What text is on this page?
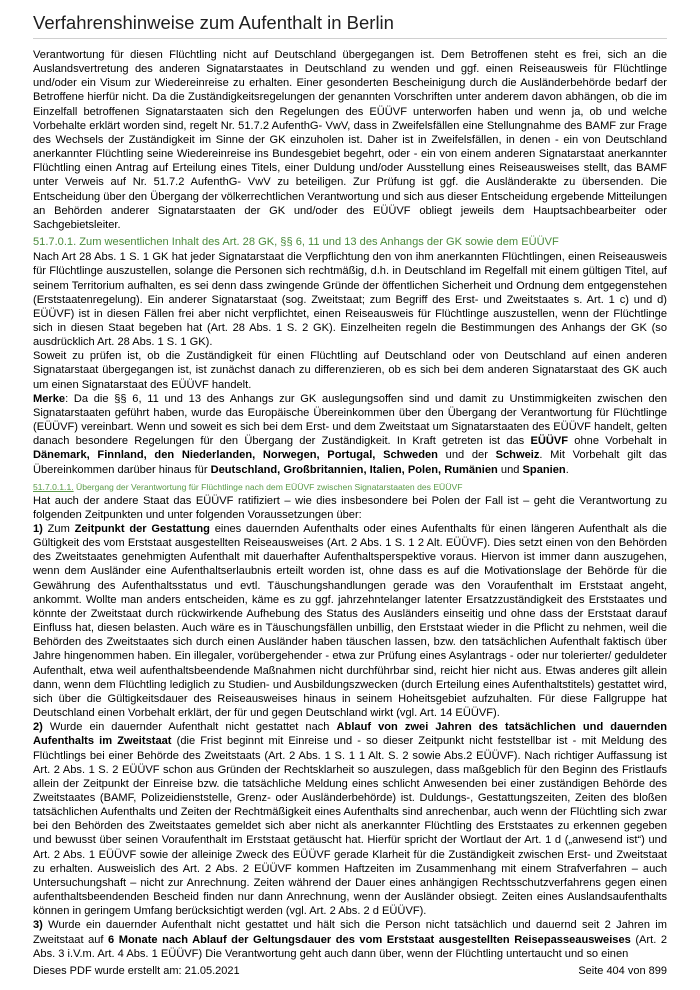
Verfahrenshinweise zum Aufenthalt in Berlin

Verantwortung für diesen Flüchtling nicht auf Deutschland übergegangen ist. Dem Betroffenen steht es frei, sich an die Auslandsvertretung des anderen Signatarstaates in Deutschland zu wenden und ggf. einen Reiseausweis für Flüchtlinge und/oder ein Visum zur Wiedereinreise zu erhalten. Einer gesonderten Bescheinigung durch die Ausländerbehörde bedarf der Betroffene hierfür nicht. Da die Zuständigkeitsregelungen der genannten Vorschriften unter anderem davon abhängen, ob die im Einzelfall betroffenen Signatarstaaten sich den Regelungen des EÜÜVF unterworfen haben und wenn ja, ob und welche Vorbehalte erklärt worden sind, regelt Nr. 51.7.2 AufenthG- VwV, dass in Zweifelsfällen eine Stellungnahme des BAMF zur Frage des Wechsels der Zuständigkeit im Sinne der GK einzuholen ist. Daher ist in Zweifelsfällen, in denen - ein von Deutschland anerkannter Flüchtling seine Wiedereinreise ins Bundesgebiet begehrt, oder - ein von einem anderen Signatarstaat anerkannter Flüchtling einen Antrag auf Erteilung eines Titels, einer Duldung und/oder Ausstellung eines Reiseausweises stellt, das BAMF unter Verweis auf Nr. 51.7.2 AufenthG- VwV zu beteiligen. Zur Prüfung ist ggf. die Ausländerakte zu übersenden. Die Entscheidung über den Übergang der völkerrechtlichen Verantwortung und sich aus dieser Entscheidung ergebende Mitteilungen an Behörden anderer Signatarstaaten der GK und/oder des EÜÜVF obliegt jeweils dem Hauptsachbearbeiter oder Sachgebietsleiter.

51.7.0.1. Zum wesentlichen Inhalt des Art. 28 GK, §§ 6, 11 und 13 des Anhangs der GK sowie dem EÜÜVF

Nach Art 28 Abs. 1 S. 1 GK hat jeder Signatarstaat die Verpflichtung den von ihm anerkannten Flüchtlingen, einen Reiseausweis für Flüchtlinge auszustellen, solange die Personen sich rechtmäßig, d.h. in Deutschland im Regelfall mit einem gültigen Titel, auf seinem Territorium aufhalten, es sei denn dass zwingende Gründe der öffentlichen Sicherheit und Ordnung dem entgegenstehen (Erststaatenregelung). Ein anderer Signatarstaat (sog. Zweitstaat; zum Begriff des Erst- und Zweitstaates s. Art. 1 c) und d) EÜÜVF) ist in diesen Fällen frei aber nicht verpflichtet, einen Reiseausweis für Flüchtlinge auszustellen, wenn der Flüchtlinge sich in diesen Staat begeben hat (Art. 28 Abs. 1 S. 2 GK). Einzelheiten regeln die Bestimmungen des Anhangs der GK (so ausdrücklich Art. 28 Abs. 1 S. 1 GK).

Soweit zu prüfen ist, ob die Zuständigkeit für einen Flüchtling auf Deutschland oder von Deutschland auf einen anderen Signatarstaat übergegangen ist, ist zunächst danach zu differenzieren, ob es sich bei dem anderen Signatarstaat des GK auch um einen Signatarstaat des EÜÜVF handelt.

Merke: Da die §§ 6, 11 und 13 des Anhangs zur GK auslegungsoffen sind und damit zu Unstimmigkeiten zwischen den Signatarstaaten geführt haben, wurde das Europäische Übereinkommen über den Übergang der Verantwortung für Flüchtlinge (EÜÜVF) vereinbart. Wenn und soweit es sich bei dem Erst- und dem Zweitstaat um Signatarstaaten des EÜÜVF handelt, gelten danach besondere Regelungen für den Übergang der Zuständigkeit. In Kraft getreten ist das EÜÜVF ohne Vorbehalt in Dänemark, Finnland, den Niederlanden, Norwegen, Portugal, Schweden und der Schweiz. Mit Vorbehalt gilt das Übereinkommen darüber hinaus für Deutschland, Großbritannien, Italien, Polen, Rumänien und Spanien.

51.7.0.1.1. Übergang der Verantwortung für Flüchtlinge nach dem EÜÜVF zwischen Signatarstaaten des EÜÜVF

Hat auch der andere Staat das EÜÜVF ratifiziert – wie dies insbesondere bei Polen der Fall ist – geht die Verantwortung zu folgenden Zeitpunkten und unter folgenden Voraussetzungen über:

1) Zum Zeitpunkt der Gestattung eines dauernden Aufenthalts oder eines Aufenthalts für einen längeren Aufenthalt als die Gültigkeit des vom Erststaat ausgestellten Reiseausweises (Art. 2 Abs. 1 S. 1 2 Alt. EÜÜVF). Dies setzt einen von den Behörden des Zweitstaates genehmigten Aufenthalt mit dauerhafter Aufenthaltsperspektive voraus. Hiervon ist immer dann auszugehen, wenn dem Ausländer eine Aufenthaltserlaubnis erteilt worden ist, ohne dass es auf die Motivationslage der Behörde für die Gewährung des Aufenthaltsstatus und evtl. Täuschungshandlungen gerade was den Voraufenthalt im Erststaat angeht, ankommt. Wollte man anders entscheiden, käme es zu ggf. jahrzehntelanger latenter Ersatzzuständigkeit des Erststaates und könnte der Zweitstaat durch rückwirkende Aufhebung des Status des Ausländers einseitig und ohne dass der Erststaat darauf Einfluss hat, diesen belasten. Auch wäre es in Täuschungsfällen unbillig, den Erststaat wieder in die Pflicht zu nehmen, weil die Behörden des Zweitstaates sich durch einen Ausländer haben täuschen lassen, bzw. den tatsächlichen Aufenthalt faktisch über Jahre hingenommen haben. Ein illegaler, vorübergehender - etwa zur Prüfung eines Asylantrags - oder nur tolerierter/ geduldeter Aufenthalt, etwa weil aufenthaltsbeendende Maßnahmen nicht durchführbar sind, reicht hier nicht aus. Etwas anderes gilt allein dann, wenn dem Flüchtling lediglich zu Studien- und Ausbildungszwecken (durch Erteilung eines Aufenthaltstitels) gestattet wird, sich über die Gültigkeitsdauer des Reiseausweises hinaus in seinem Hoheitsgebiet aufzuhalten. Für diese Fallgruppe hat Deutschland einen Vorbehalt erklärt, der für und gegen Deutschland wirkt (vgl. Art. 14 EÜÜVF).

2) Wurde ein dauernder Aufenthalt nicht gestattet nach Ablauf von zwei Jahren des tatsächlichen und dauernden Aufenthalts im Zweitstaat (die Frist beginnt mit Einreise und - so dieser Zeitpunkt nicht feststellbar ist - mit Meldung des Flüchtlings bei einer Behörde des Zweitstaats (Art. 2 Abs. 1 S. 1 1 Alt. S. 2 sowie Abs.2 EÜÜVF). Nach richtiger Auffassung ist Art. 2 Abs. 1 S. 2 EÜÜVF schon aus Gründen der Rechtsklarheit so auszulegen, dass maßgeblich für den Beginn des Fristlaufs allein der Zeitpunkt der Einreise bzw. die tatsächliche Meldung eines schlicht Anwesenden bei einer zuständigen Behörde des Zweitstaates (BAMF, Polizeidienststelle, Grenz- oder Ausländerbehörde) ist. Duldungs-, Gestattungszeiten, Zeiten des bloßen tatsächlichen Aufenthalts und Zeiten der Rechtmäßigkeit eines Aufenthalts sind anrechenbar, auch wenn der Flüchtling sich zwar bei den Behörden des Zweitstaates gemeldet sich aber nicht als anerkannter Flüchtling des Erststaates zu erkennen gegeben und bewusst über seinen Voraufenthalt im Erststaat getäuscht hat. Hierfür spricht der Wortlaut der Art. 1 d („anwesend ist“) und Art. 2 Abs. 1 EÜÜVF sowie der alleinige Zweck des EÜÜVF gerade Klarheit für die Zuständigkeit zwischen Erst- und Zweitstaat zu erhalten. Ausweislich des Art. 2 Abs. 2 EÜÜVF kommen Haftzeiten im Zusammenhang mit einem Strafverfahren – auch Untersuchungshaft – nicht zur Anrechnung. Zeiten während der Dauer eines anhängigen Rechtsschutzverfahrens gegen einen aufenthaltsbeendenden Bescheid finden nur dann Anrechnung, wenn der Ausländer obsiegt. Zeiten eines Auslandsaufenthalts können in geringem Umfang berücksichtigt werden (vgl. Art. 2 Abs. 2 d EÜÜVF).

3) Wurde ein dauernder Aufenthalt nicht gestattet und hält sich die Person nicht tatsächlich und dauernd seit 2 Jahren im Zweitstaat auf 6 Monate nach Ablauf der Geltungsdauer des vom Erststaat ausgestellten Reisepasseausweises (Art. 2 Abs. 3 i.V.m. Art. 4 Abs. 1 EÜÜVF) Die Verantwortung geht auch dann über, wenn der Flüchtling untertaucht und so einen

Dieses PDF wurde erstellt am: 21.05.2021	Seite 404 von 899
